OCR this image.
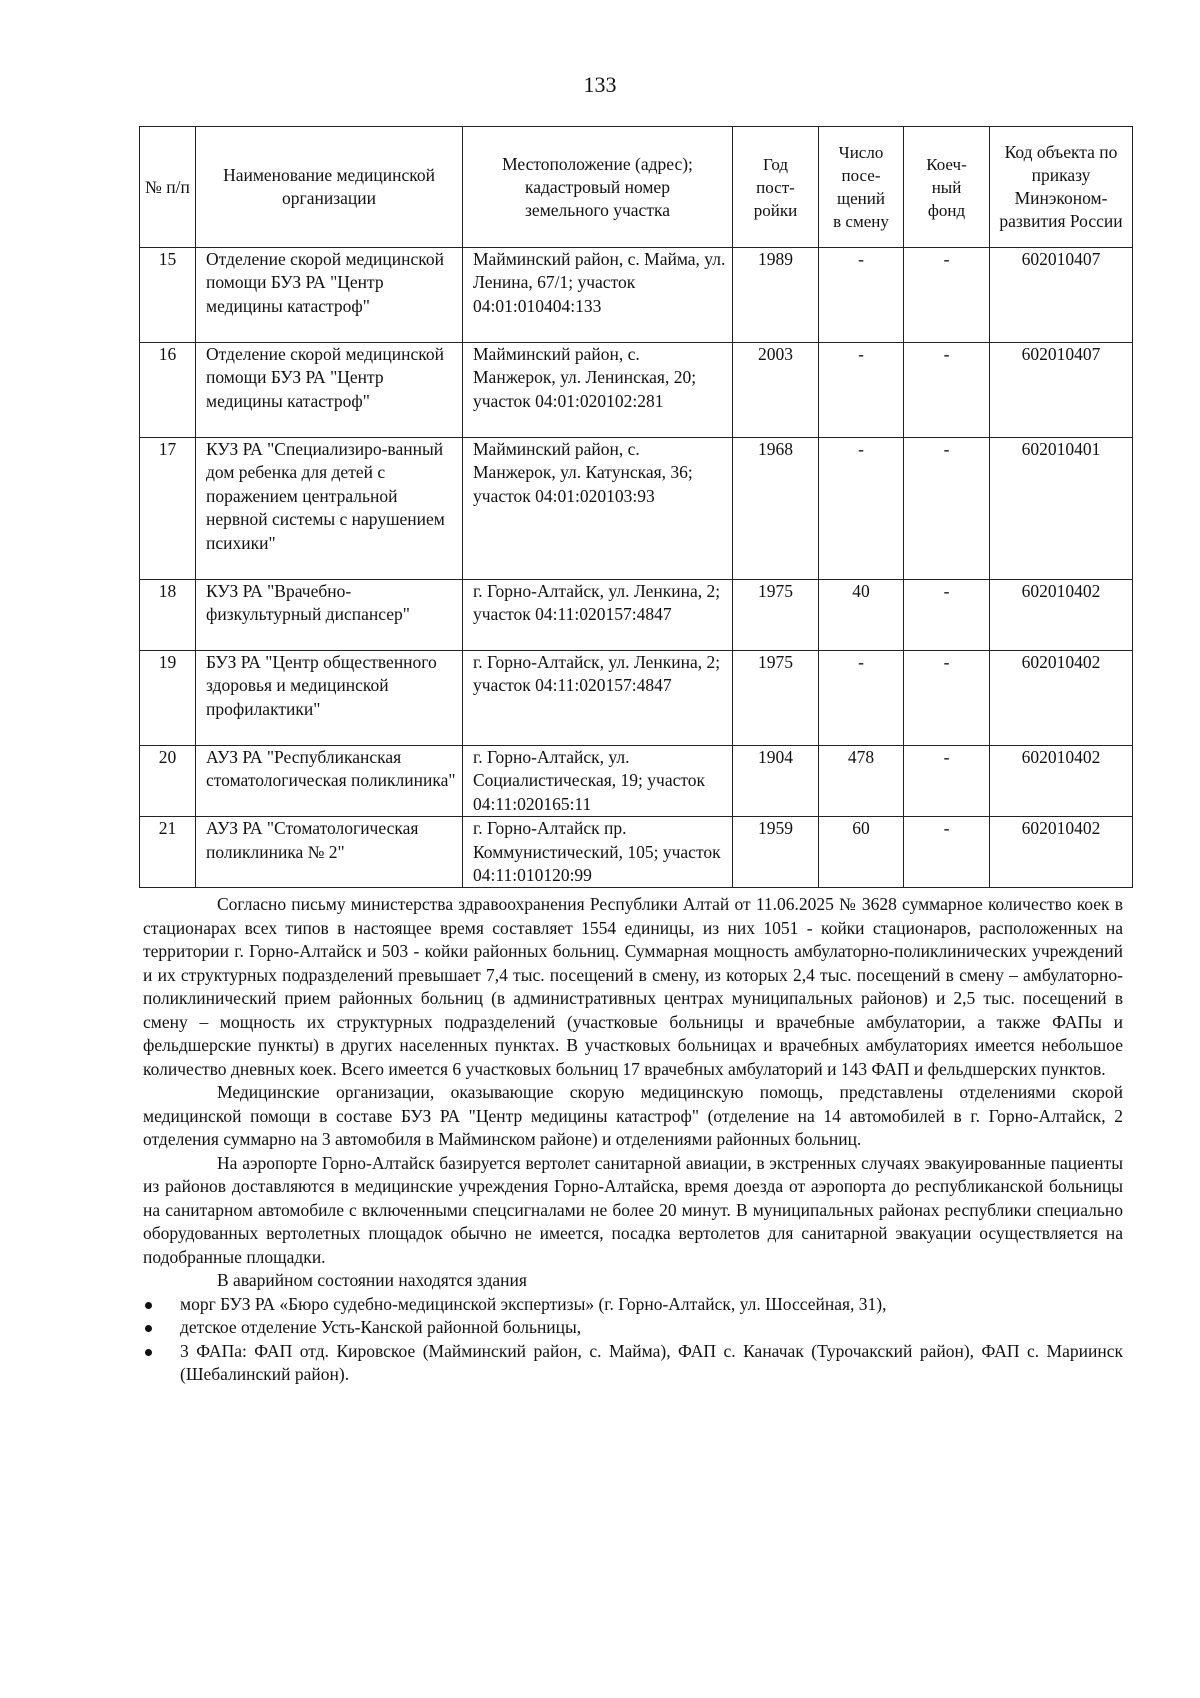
133
№ п/п	Наименование медицинской организации	Местоположение (адрес); кадастровый номер земельного участка	Год пост-ройки	Число посе-щений в смену	Коеч-ный фонд	Код объекта по приказу Минэконом-развития России
15	Отделение скорой медицинской помощи БУЗ РА "Центр медицины катастроф"	Майминский район, с. Майма, ул. Ленина, 67/1; участок 04:01:010404:133	1989	-	-	602010407
16	Отделение скорой медицинской помощи БУЗ РА "Центр медицины катастроф"	Майминский район, с. Манжерок, ул. Ленинская, 20; участок 04:01:020102:281	2003	-	-	602010407
17	КУЗ РА "Специализиро-ванный дом ребенка для детей с поражением центральной нервной системы с нарушением психики"	Майминский район, с. Манжерок, ул. Катунская, 36; участок 04:01:020103:93	1968	-	-	602010401
18	КУЗ РА "Врачебно-физкультурный диспансер"	г. Горно-Алтайск, ул. Ленкина, 2; участок 04:11:020157:4847	1975	40	-	602010402
19	БУЗ РА "Центр общественного здоровья и медицинской профилактики"	г. Горно-Алтайск, ул. Ленкина, 2; участок 04:11:020157:4847	1975	-	-	602010402
20	АУЗ РА "Республиканская стоматологическая поликлиника"	г. Горно-Алтайск, ул. Социалистическая, 19; участок 04:11:020165:11	1904	478	-	602010402
21	АУЗ РА "Стоматологическая поликлиника № 2"	г. Горно-Алтайск пр. Коммунистический, 105; участок 04:11:010120:99	1959	60	-	602010402

Согласно письму министерства здравоохранения Республики Алтай от 11.06.2025 № 3628 суммарное количество коек в стационарах всех типов в настоящее время составляет 1554 единицы, из них 1051 - койки стационаров, расположенных на территории г. Горно-Алтайск и 503 - койки районных больниц. Суммарная мощность амбулаторно-поликлинических учреждений и их структурных подразделений превышает 7,4 тыс. посещений в смену, из которых 2,4 тыс. посещений в смену – амбулаторно-поликлинический прием районных больниц (в административных центрах муниципальных районов) и 2,5 тыс. посещений в смену – мощность их структурных подразделений (участковые больницы и врачебные амбулатории, а также ФАПы и фельдшерские пункты) в других населенных пунктах. В участковых больницах и врачебных амбулаториях имеется небольшое количество дневных коек. Всего имеется 6 участковых больниц 17 врачебных амбулаторий и 143 ФАП и фельдшерских пунктов.

Медицинские организации, оказывающие скорую медицинскую помощь, представлены отделениями скорой медицинской помощи в составе БУЗ РА "Центр медицины катастроф" (отделение на 14 автомобилей в г. Горно-Алтайск, 2 отделения суммарно на 3 автомобиля в Майминском районе) и отделениями районных больниц.

На аэропорте Горно-Алтайск базируется вертолет санитарной авиации, в экстренных случаях эвакуированные пациенты из районов доставляются в медицинские учреждения Горно-Алтайска, время доезда от аэропорта до республиканской больницы на санитарном автомобиле с включенными спецсигналами не более 20 минут. В муниципальных районах республики специально оборудованных вертолетных площадок обычно не имеется, посадка вертолетов для санитарной эвакуации осуществляется на подобранные площадки.

В аварийном состоянии находятся здания

морг БУЗ РА «Бюро судебно-медицинской экспертизы» (г. Горно-Алтайск, ул. Шоссейная, 31),
детское отделение Усть-Канской районной больницы,
3 ФАПа: ФАП отд. Кировское (Майминский район, с. Майма), ФАП с. Каначак (Турочакский район), ФАП с. Мариинск (Шебалинский район).
